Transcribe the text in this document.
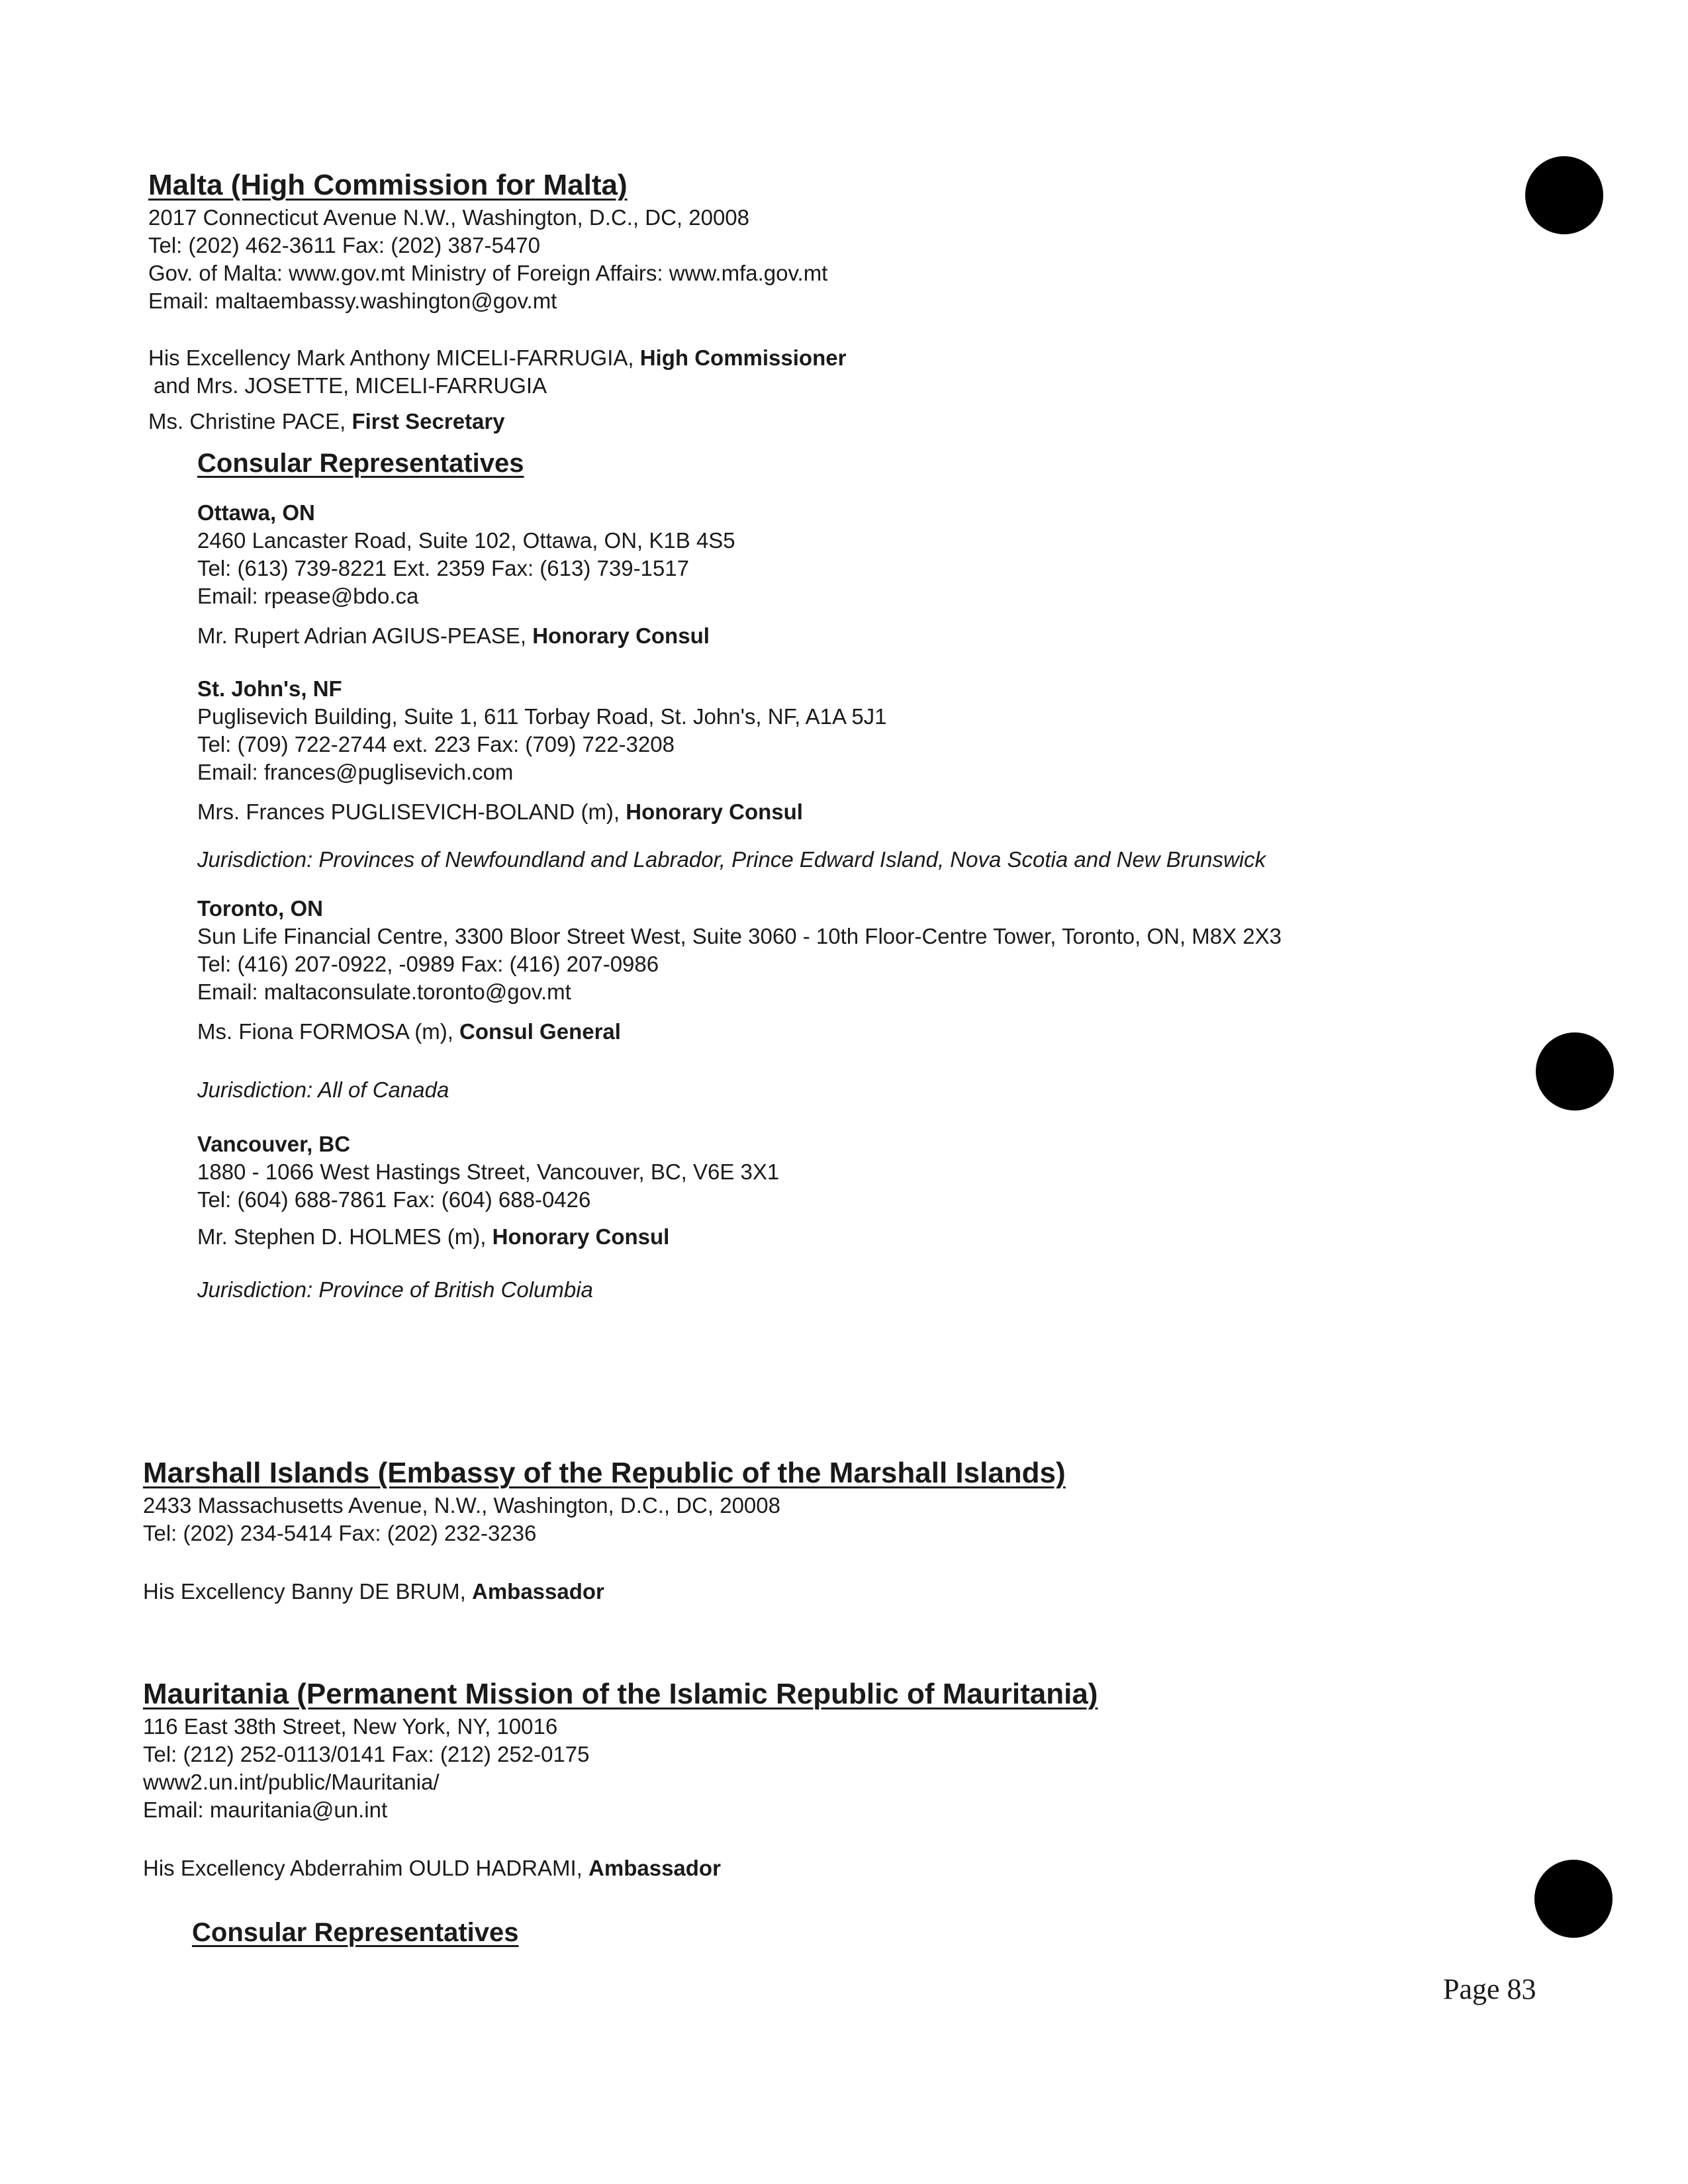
Malta (High Commission for Malta)
2017 Connecticut Avenue N.W., Washington, D.C., DC, 20008
Tel: (202) 462-3611 Fax: (202) 387-5470
Gov. of Malta: www.gov.mt Ministry of Foreign Affairs: www.mfa.gov.mt
Email: maltaembassy.washington@gov.mt
His Excellency Mark Anthony MICELI-FARRUGIA, High Commissioner
and Mrs. JOSETTE, MICELI-FARRUGIA
Ms. Christine PACE, First Secretary
Consular Representatives
Ottawa, ON
2460 Lancaster Road, Suite 102, Ottawa, ON, K1B 4S5
Tel: (613) 739-8221 Ext. 2359 Fax: (613) 739-1517
Email: rpease@bdo.ca
Mr. Rupert Adrian AGIUS-PEASE, Honorary Consul
St. John's, NF
Puglisevich Building, Suite 1, 611 Torbay Road, St. John's, NF, A1A 5J1
Tel: (709) 722-2744 ext. 223 Fax: (709) 722-3208
Email: frances@puglisevich.com
Mrs. Frances PUGLISEVICH-BOLAND (m), Honorary Consul
Jurisdiction: Provinces of Newfoundland and Labrador, Prince Edward Island, Nova Scotia and New Brunswick
Toronto, ON
Sun Life Financial Centre, 3300 Bloor Street West, Suite 3060 - 10th Floor-Centre Tower, Toronto, ON, M8X 2X3
Tel: (416) 207-0922, -0989 Fax: (416) 207-0986
Email: maltaconsulate.toronto@gov.mt
Ms. Fiona FORMOSA (m), Consul General
Jurisdiction: All of Canada
Vancouver, BC
1880 - 1066 West Hastings Street, Vancouver, BC, V6E 3X1
Tel: (604) 688-7861 Fax: (604) 688-0426
Mr. Stephen D. HOLMES (m), Honorary Consul
Jurisdiction: Province of British Columbia
Marshall Islands (Embassy of the Republic of the Marshall Islands)
2433 Massachusetts Avenue, N.W., Washington, D.C., DC, 20008
Tel: (202) 234-5414 Fax: (202) 232-3236
His Excellency Banny DE BRUM, Ambassador
Mauritania (Permanent Mission of the Islamic Republic of Mauritania)
116 East 38th Street, New York, NY, 10016
Tel: (212) 252-0113/0141 Fax: (212) 252-0175
www2.un.int/public/Mauritania/
Email: mauritania@un.int
His Excellency Abderrahim OULD HADRAMI, Ambassador
Consular Representatives
Page 83
